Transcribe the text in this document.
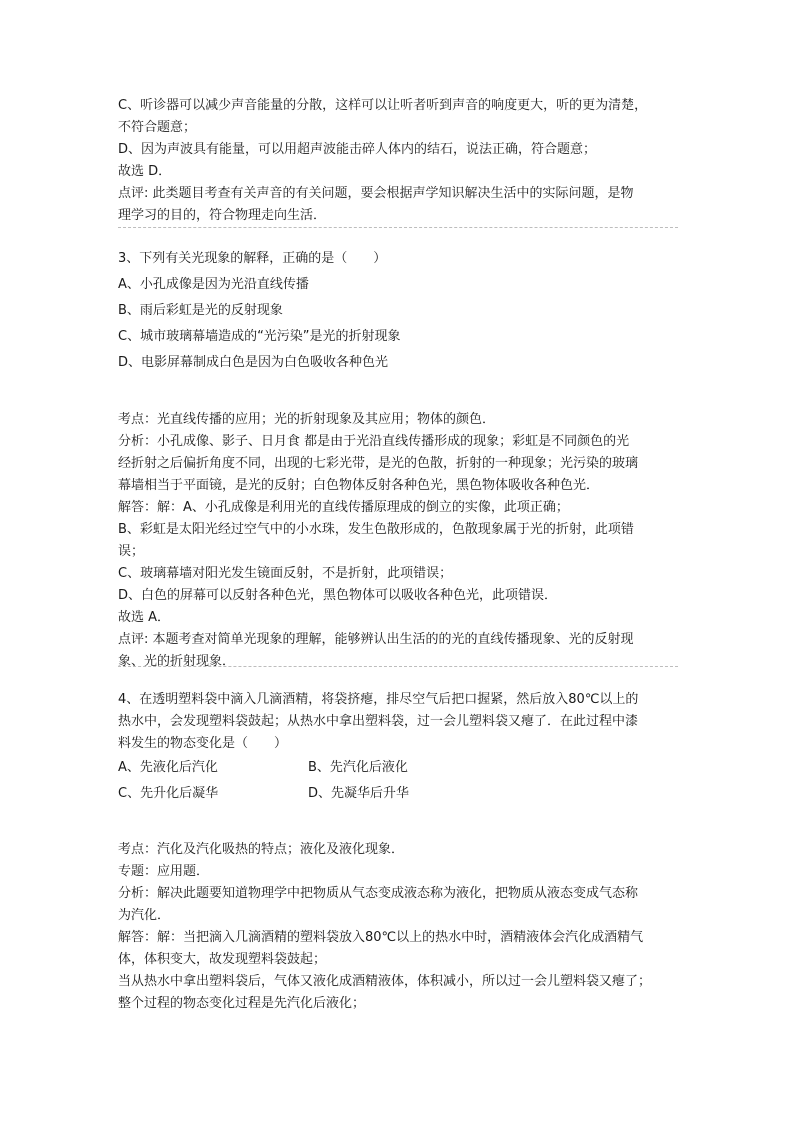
C、听诊器可以减少声音能量的分散，这样可以让听者听到声音的响度更大，听的更为清楚，
不符合题意；
D、因为声波具有能量，可以用超声波能击碎人体内的结石，说法正确，符合题意；
故选 D．
点评: 此类题目考查有关声音的有关问题，要会根据声学知识解决生活中的实际问题，是物
理学习的目的，符合物理走向生活．
3、下列有关光现象的解释，正确的是（　　）
A、小孔成像是因为光沿直线传播
B、雨后彩虹是光的反射现象
C、城市玻璃幕墙造成的“光污染”是光的折射现象
D、电影屏幕制成白色是因为白色吸收各种色光
考点：光直线传播的应用；光的折射现象及其应用；物体的颜色．
分析：小孔成像、影子、日月食 都是由于光沿直线传播形成的现象；彩虹是不同颜色的光
经折射之后偏折角度不同，出现的七彩光带，是光的色散，折射的一种现象；光污染的玻璃
幕墙相当于平面镜，是光的反射；白色物体反射各种色光，黑色物体吸收各种色光．
解答：解：A、小孔成像是利用光的直线传播原理成的倒立的实像，此项正确；
B、彩虹是太阳光经过空气中的小水珠，发生色散形成的，色散现象属于光的折射，此项错
误；
C、玻璃幕墙对阳光发生镜面反射，不是折射，此项错误；
D、白色的屏幕可以反射各种色光，黑色物体可以吸收各种色光，此项错误．
故选 A．
点评: 本题考查对简单光现象的理解，能够辨认出生活的的光的直线传播现象、光的反射现
象、光的折射现象．
4、在透明塑料袋中滴入几滴酒精，将袋挤瘪，排尽空气后把口握紧，然后放入80℃以上的
热水中，会发现塑料袋鼓起；从热水中拿出塑料袋，过一会儿塑料袋又瘪了．在此过程中漆
料发生的物态变化是（　　）
A、先液化后汽化	B、先汽化后液化
C、先升化后凝华	D、先凝华后升华
考点：汽化及汽化吸热的特点；液化及液化现象．
专题：应用题．
分析：解决此题要知道物理学中把物质从气态变成液态称为液化，把物质从液态变成气态称
为汽化．
解答：解：当把滴入几滴酒精的塑料袋放入80℃以上的热水中时，酒精液体会汽化成酒精气
体，体积变大，故发现塑料袋鼓起；
当从热水中拿出塑料袋后，气体又液化成酒精液体，体积减小，所以过一会儿塑料袋又瘪了；
整个过程的物态变化过程是先汽化后液化；
